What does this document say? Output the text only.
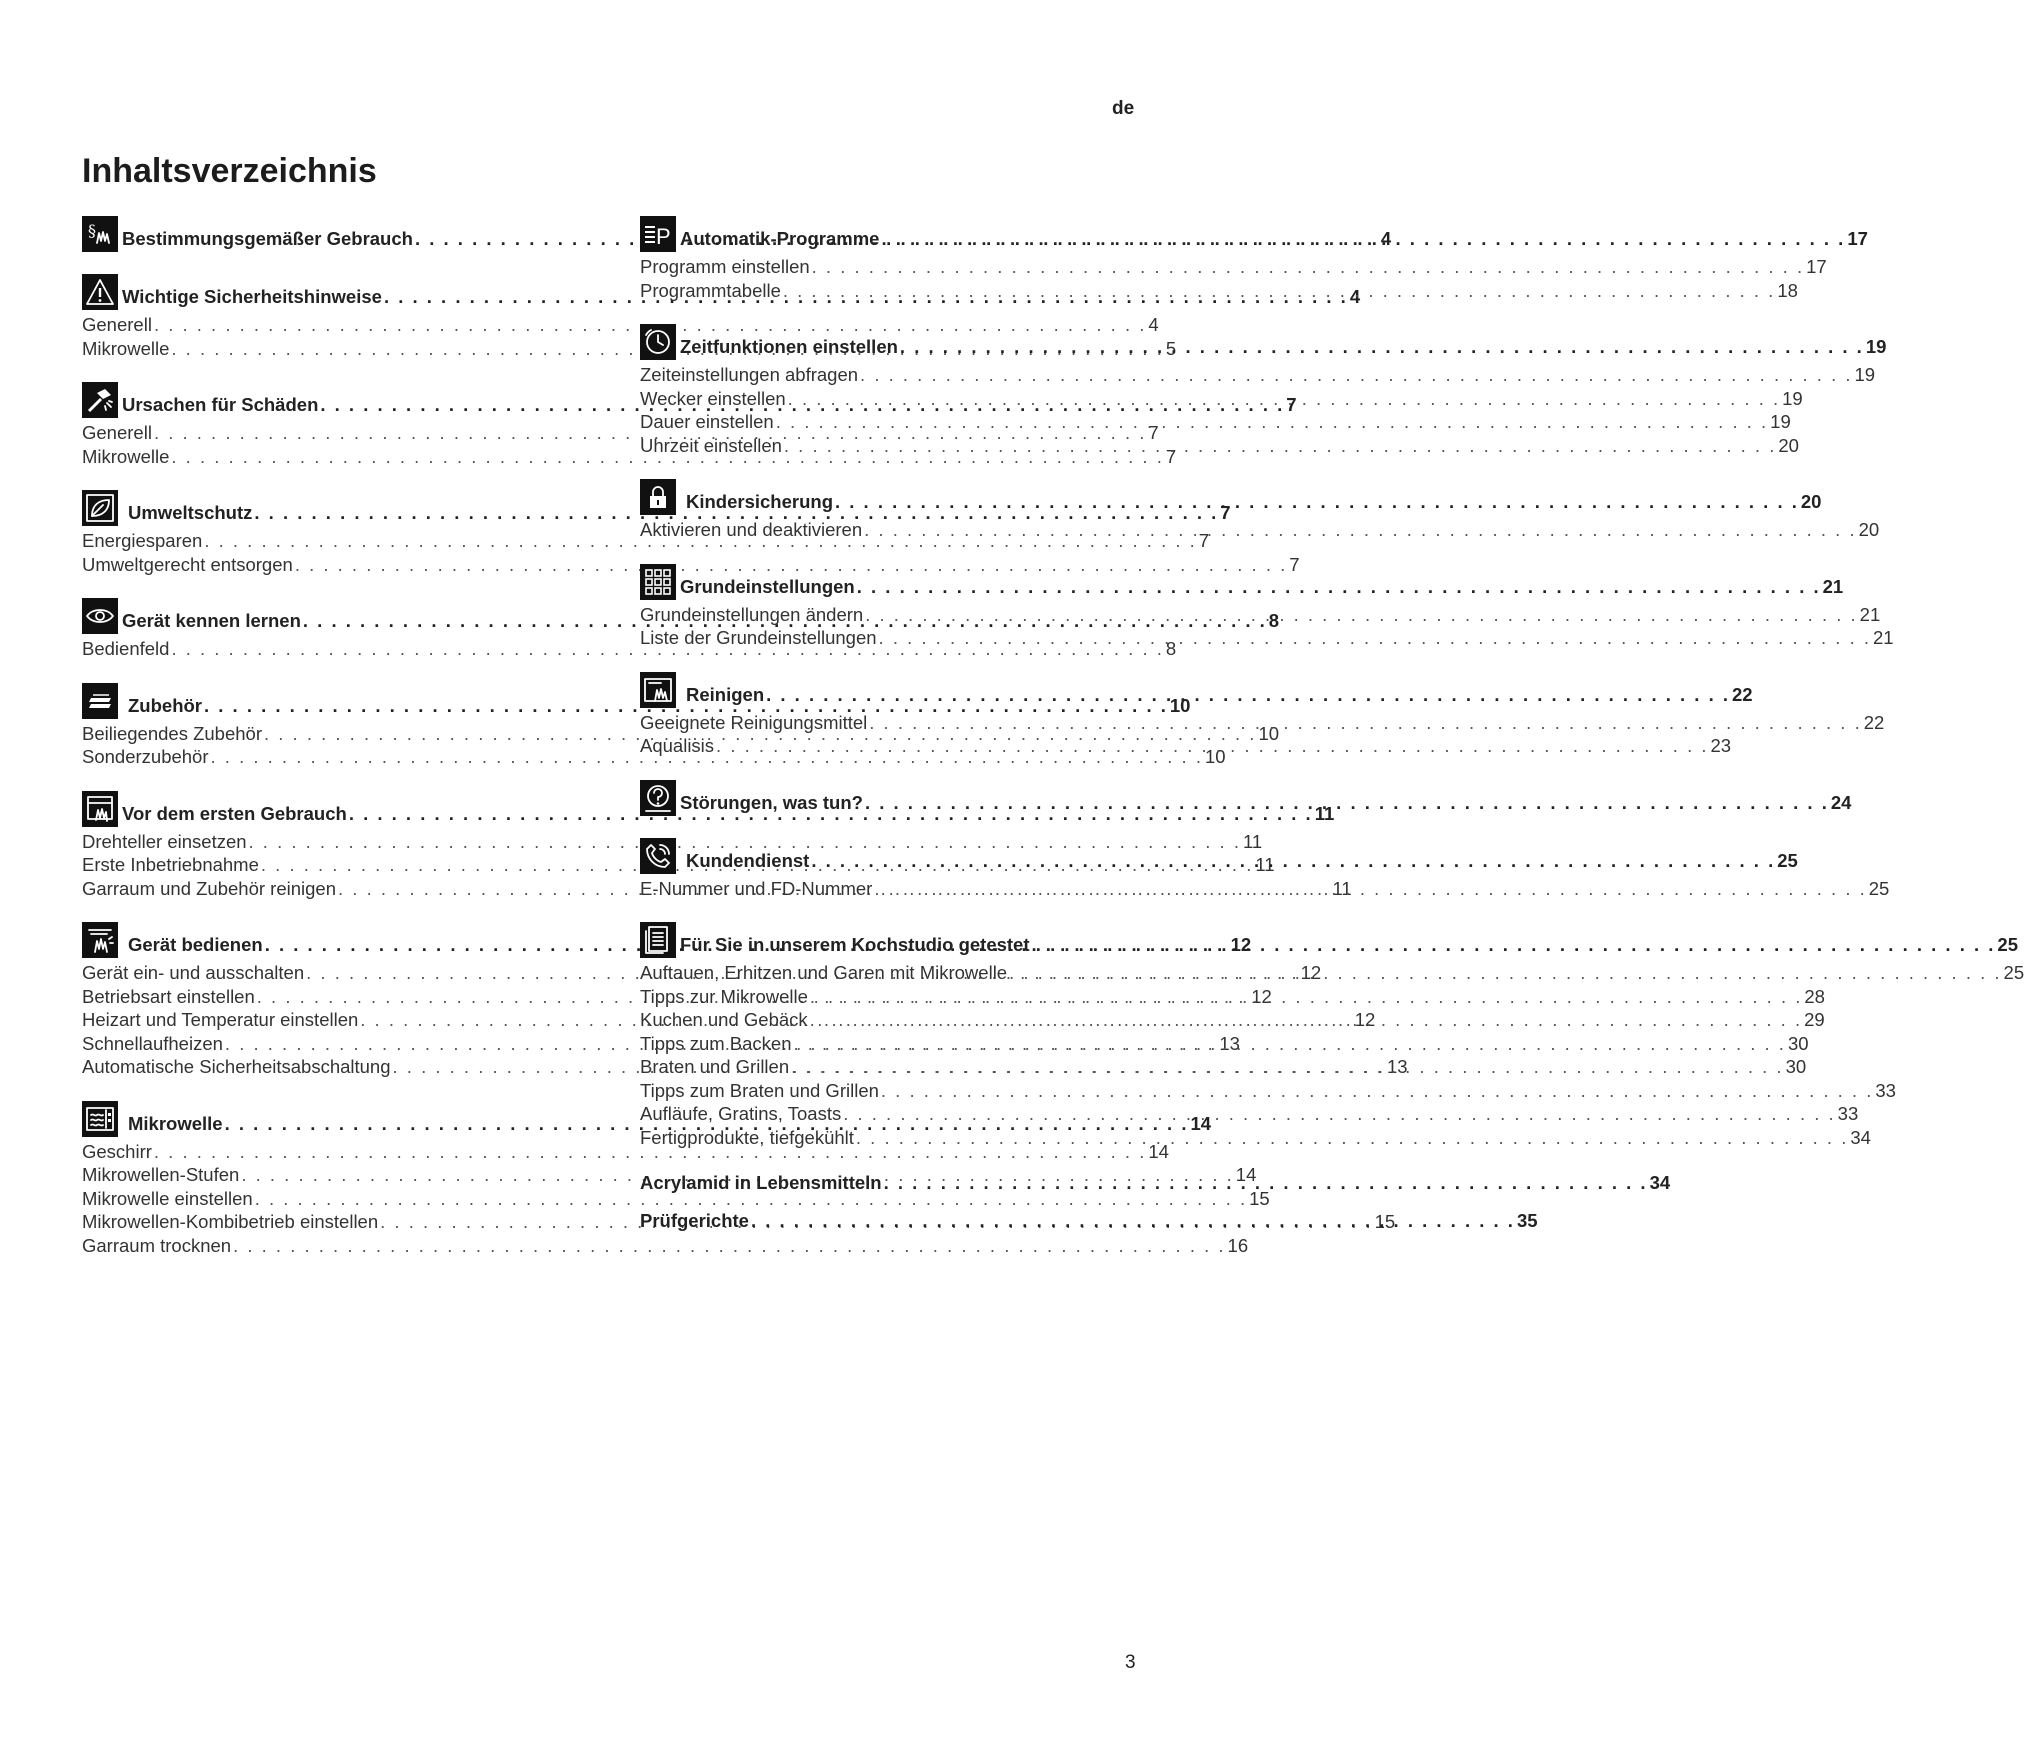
de
Inhaltsverzeichnis
§ Bestimmungsgemäßer Gebrauch . . .	4
Wichtige Sicherheitshinweise . . .	4
Generell . . .	4
Mikrowelle . . .	5
Ursachen für Schäden . . .	7
Generell . . .	7
Mikrowelle . . .	7
Umweltschutz . . .	7
Energiesparen . . .	7
Umweltgerecht entsorgen . . .	7
Gerät kennen lernen . . .	8
Bedienfeld . . .	8
Zubehör . . .	10
Beiliegendes Zubehör . . .	10
Sonderzubehör . . .	10
Vor dem ersten Gebrauch . . .	11
Drehteller einsetzen . . .	11
Erste Inbetriebnahme . . .	11
Garraum und Zubehör reinigen . . .	11
Gerät bedienen . . .	12
Gerät ein- und ausschalten . . .	12
Betriebsart einstellen . . .	12
Heizart und Temperatur einstellen . . .	12
Schnellaufheizen . . .	13
Automatische Sicherheitsabschaltung . . .	13
Mikrowelle . . .	14
Geschirr . . .	14
Mikrowellen-Stufen . . .	14
Mikrowelle einstellen . . .	15
Mikrowellen-Kombibetrieb einstellen . . .	15
Garraum trocknen . . .	16
P Automatik-Programme . . .	17
Programm einstellen . . .	17
Programmtabelle . . .	18
Zeitfunktionen einstellen . . .	19
Zeiteinstellungen abfragen . . .	19
Wecker einstellen . . .	19
Dauer einstellen . . .	19
Uhrzeit einstellen . . .	20
Kindersicherung . . .	20
Aktivieren und deaktivieren . . .	20
Grundeinstellungen . . .	21
Grundeinstellungen ändern . . .	21
Liste der Grundeinstellungen . . .	21
Reinigen . . .	22
Geeignete Reinigungsmittel . . .	22
Aqualisis . . .	23
Störungen, was tun? . . .	24
Kundendienst . . .	25
E-Nummer und FD-Nummer . . .	25
Für Sie in unserem Kochstudio getestet . . .	25
Auftauen, Erhitzen und Garen mit Mikrowelle . . .	25
Tipps zur Mikrowelle . . .	28
Kuchen und Gebäck . . .	29
Tipps zum Backen . . .	30
Braten und Grillen . . .	30
Tipps zum Braten und Grillen . . .	33
Aufläufe, Gratins, Toasts . . .	33
Fertigprodukte, tiefgekühlt . . .	34
Acrylamid in Lebensmitteln . . .	34
Prüfgerichte . . .	35
3
